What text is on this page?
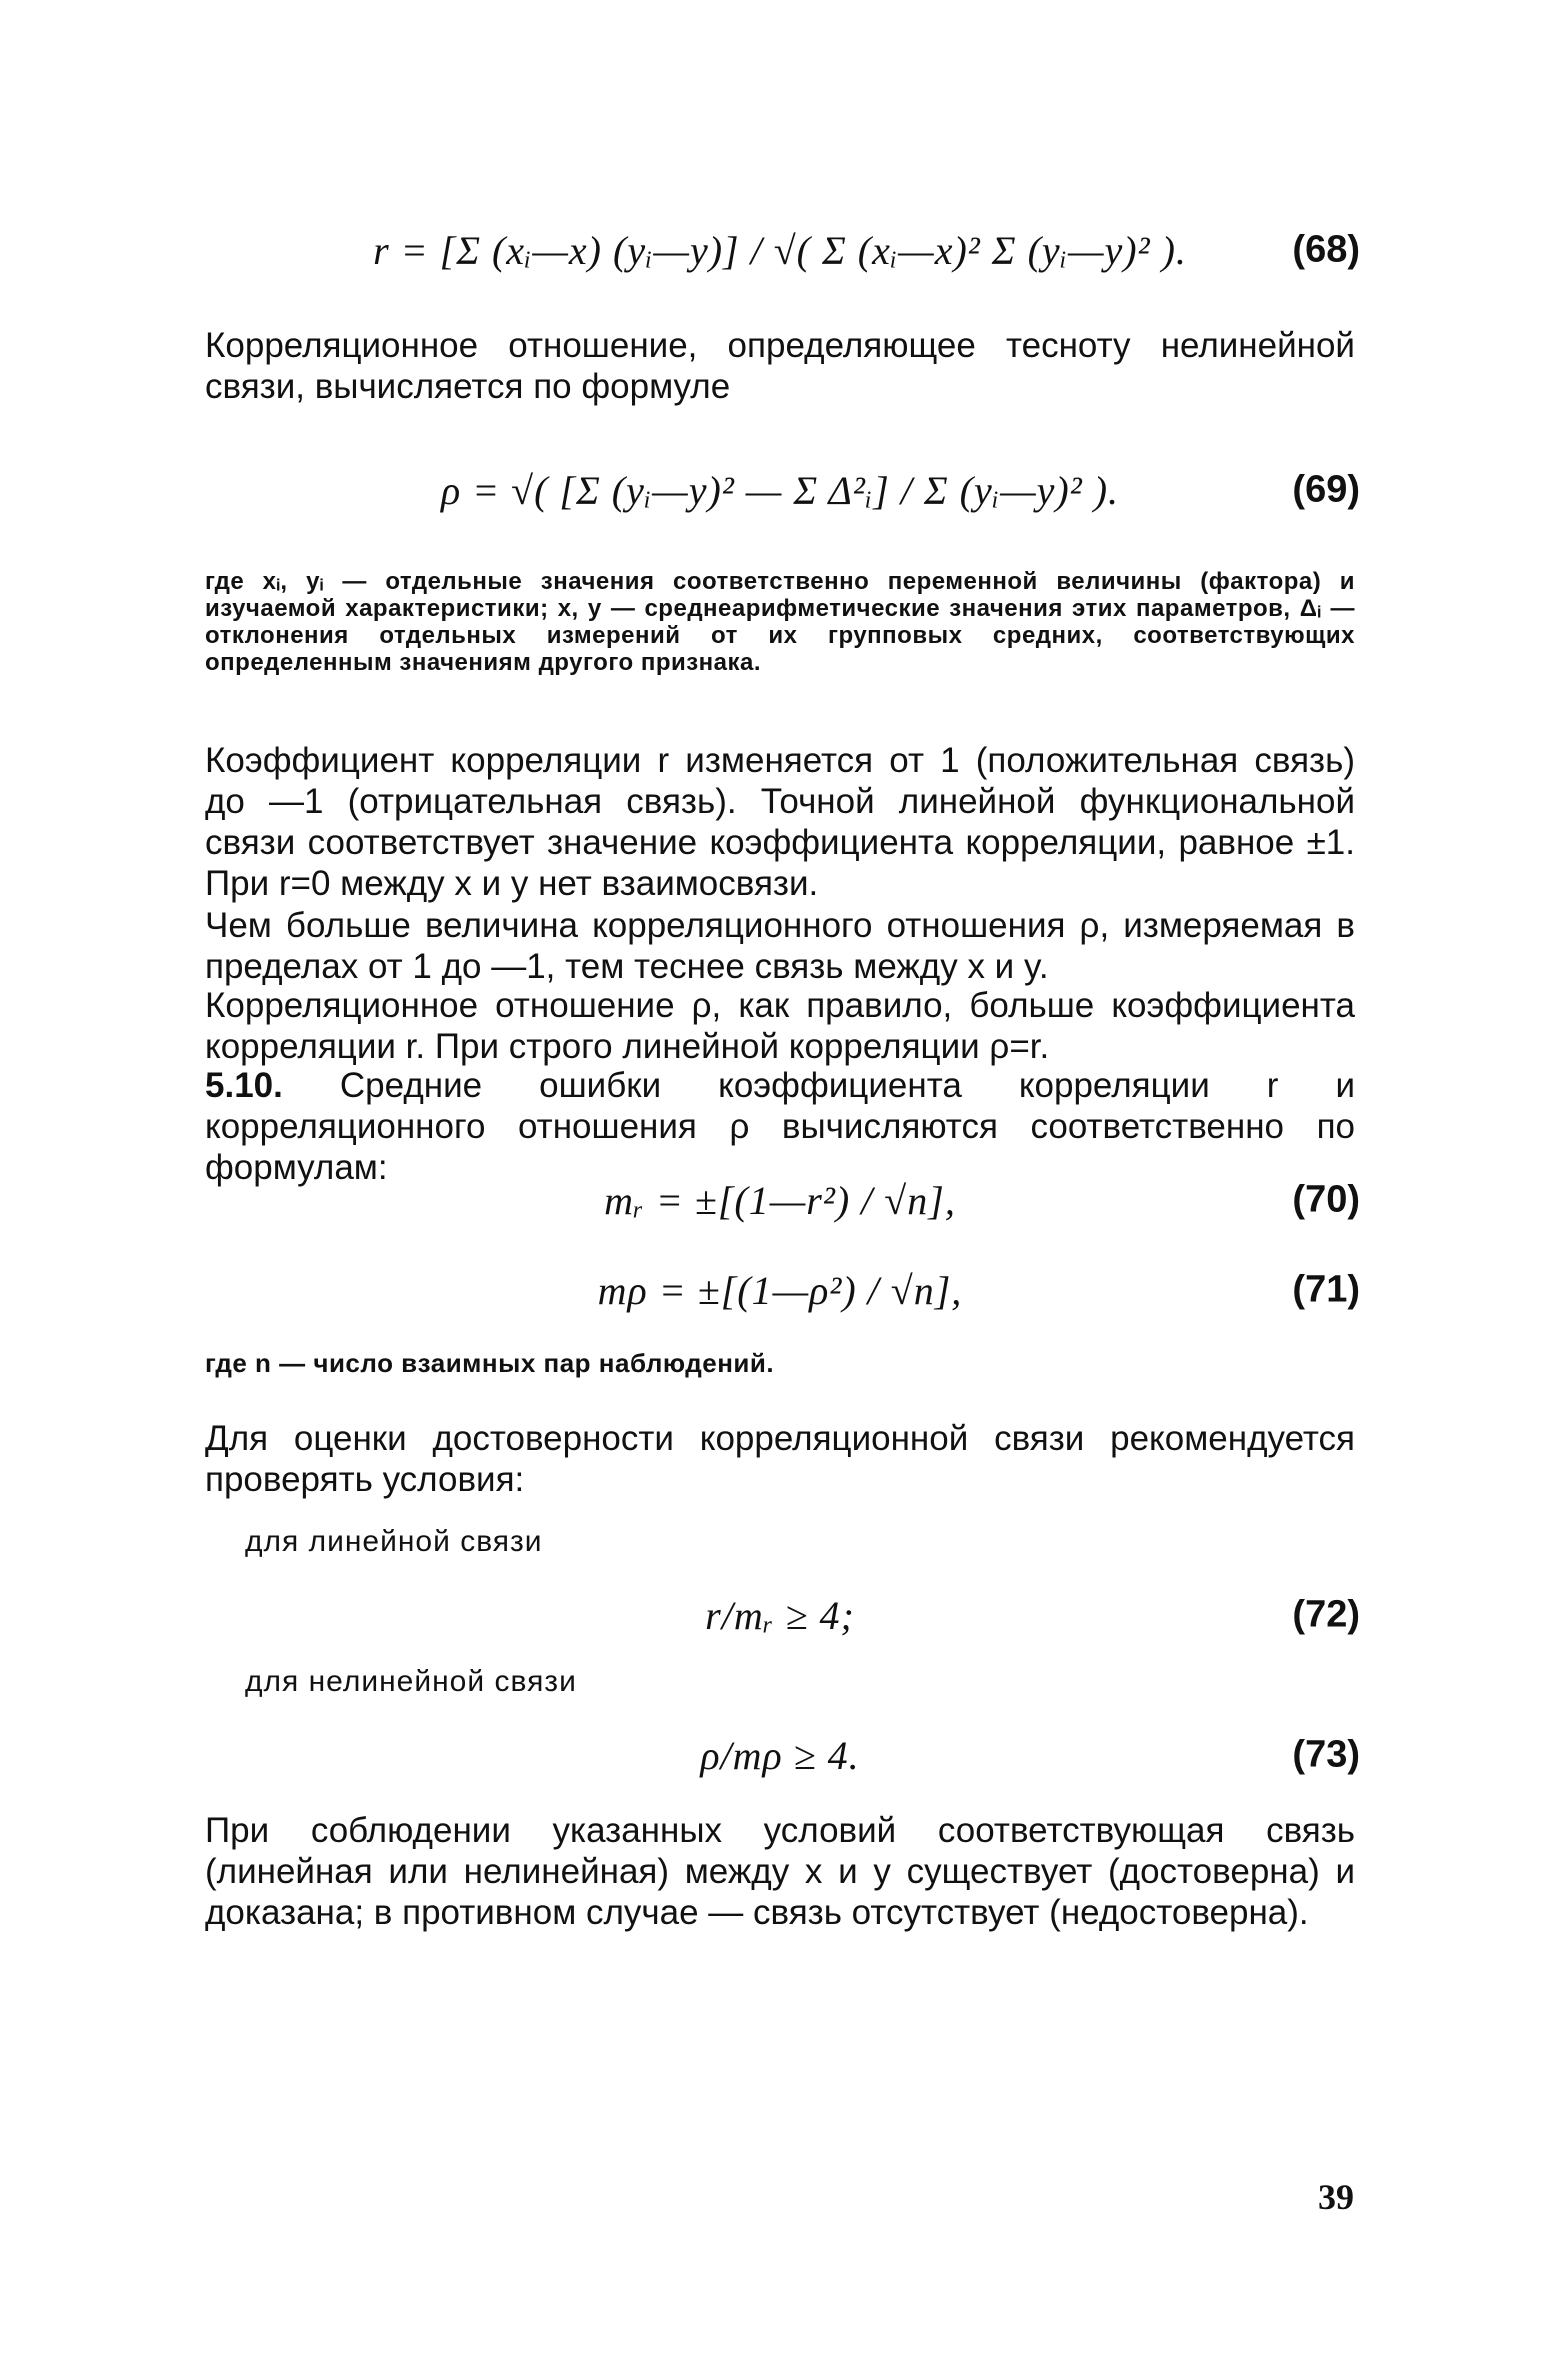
r = [Σ (xᵢ—x) (yᵢ—y)] / √( Σ (xᵢ—x)² Σ (yᵢ—y)² ).	(68)
Корреляционное отношение, определяющее тесноту нелинейной связи, вычисляется по формуле
ρ = √( [Σ (yᵢ—y)² — Σ Δ²ᵢ] / Σ (yᵢ—y)² ).	(69)
где xᵢ, yᵢ — отдельные значения соответственно переменной величины (фактора) и изучаемой характеристики; x, y — среднеарифметические значения этих параметров, Δᵢ — отклонения отдельных измерений от их групповых средних, соответствующих определенным значениям другого признака.
Коэффициент корреляции r изменяется от 1 (положительная связь) до —1 (отрицательная связь). Точной линейной функциональной связи соответствует значение коэффициента корреляции, равное ±1. При r=0 между x и y нет взаимосвязи.
Чем больше величина корреляционного отношения ρ, измеряемая в пределах от 1 до —1, тем теснее связь между x и y.
Корреляционное отношение ρ, как правило, больше коэффициента корреляции r. При строго линейной корреляции ρ=r.
5.10. Средние ошибки коэффициента корреляции r и корреляционного отношения ρ вычисляются соответственно по формулам:
mᵣ = ±[(1—r²) / √n],	(70)
mρ = ±[(1—ρ²) / √n],	(71)
где n — число взаимных пар наблюдений.
Для оценки достоверности корреляционной связи рекомендуется проверять условия:
для линейной связи
r/mᵣ ≥ 4;	(72)
для нелинейной связи
ρ/mρ ≥ 4.	(73)
При соблюдении указанных условий соответствующая связь (линейная или нелинейная) между x и y существует (достоверна) и доказана; в противном случае — связь отсутствует (недостоверна).
39
